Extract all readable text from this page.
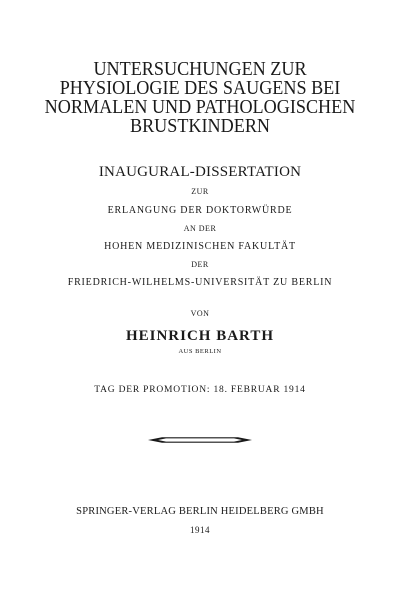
UNTERSUCHUNGEN ZUR
PHYSIOLOGIE DES SAUGENS BEI
NORMALEN UND PATHOLOGISCHEN
BRUSTKINDERN
INAUGURAL-DISSERTATION
ZUR
ERLANGUNG DER DOKTORWÜRDE
AN DER
HOHEN MEDIZINISCHEN FAKULTÄT
DER
FRIEDRICH-WILHELMS-UNIVERSITÄT ZU BERLIN
VON
HEINRICH BARTH
AUS BERLIN
TAG DER PROMOTION: 18. FEBRUAR 1914
SPRINGER-VERLAG BERLIN HEIDELBERG GMBH
1914
